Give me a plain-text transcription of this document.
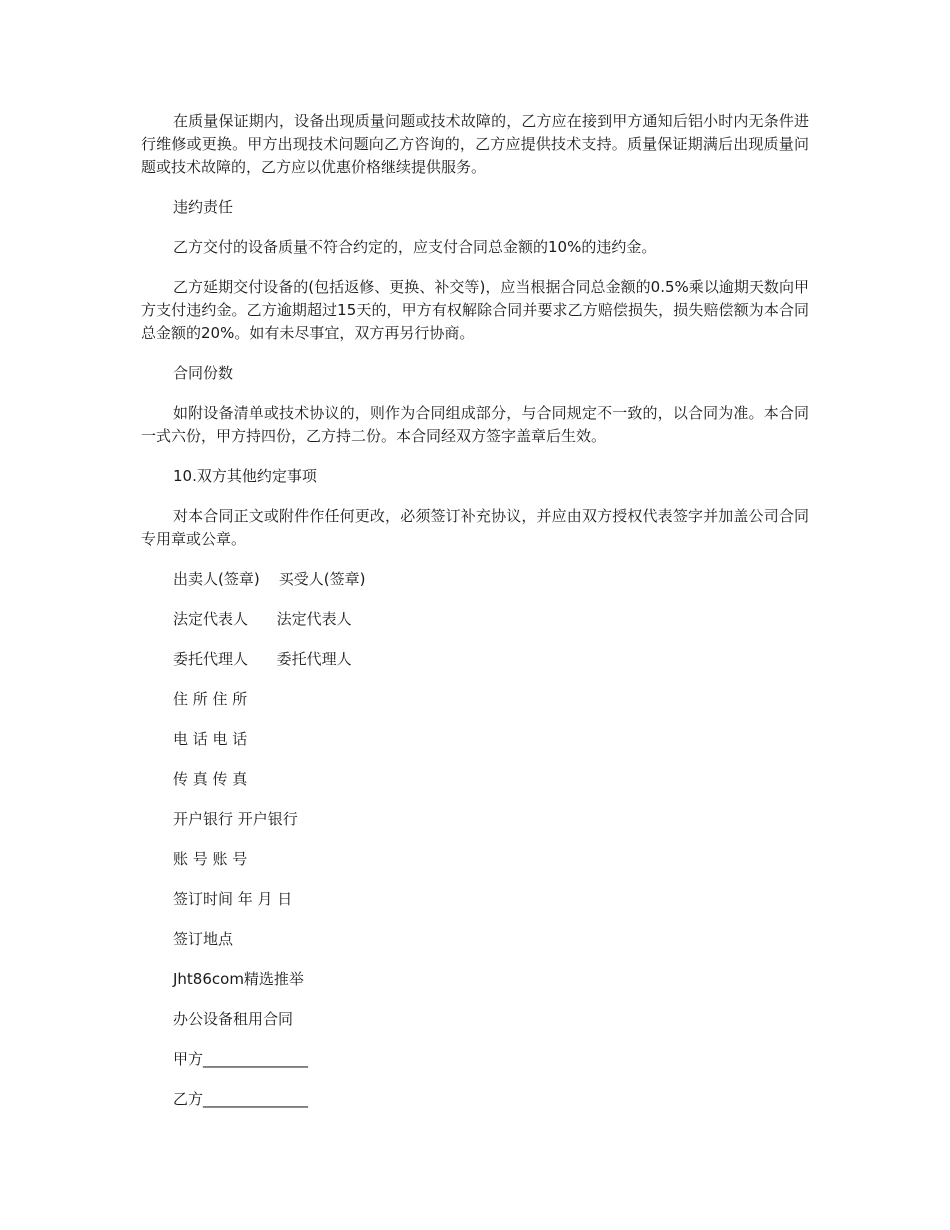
在质量保证期内，设备出现质量问题或技术故障的，乙方应在接到甲方通知后铝小时内无条件进行维修或更换。甲方出现技术问题向乙方咨询的，乙方应提供技术支持。质量保证期满后出现质量问题或技术故障的，乙方应以优惠价格继续提供服务。

违约责任

乙方交付的设备质量不符合约定的，应支付合同总金额的10%的违约金。

乙方延期交付设备的(包括返修、更换、补交等)，应当根据合同总金额的0.5%乘以逾期天数向甲方支付违约金。乙方逾期超过15天的，甲方有权解除合同并要求乙方赔偿损失，损失赔偿额为本合同总金额的20%。如有未尽事宜，双方再另行协商。

合同份数

如附设备清单或技术协议的，则作为合同组成部分，与合同规定不一致的，以合同为准。本合同一式六份，甲方持四份，乙方持二份。本合同经双方签字盖章后生效。

10.双方其他约定事项

对本合同正文或附件作任何更改，必须签订补充协议，并应由双方授权代表签字并加盖公司合同专用章或公章。

出卖人(签章)    买受人(签章)

法定代表人      法定代表人

委托代理人      委托代理人

住 所 住 所

电 话 电 话

传 真 传 真

开户银行 开户银行

账 号 账 号

签订时间 年 月 日

签订地点

Jht86com精选推举

办公设备租用合同

甲方______________

乙方______________
